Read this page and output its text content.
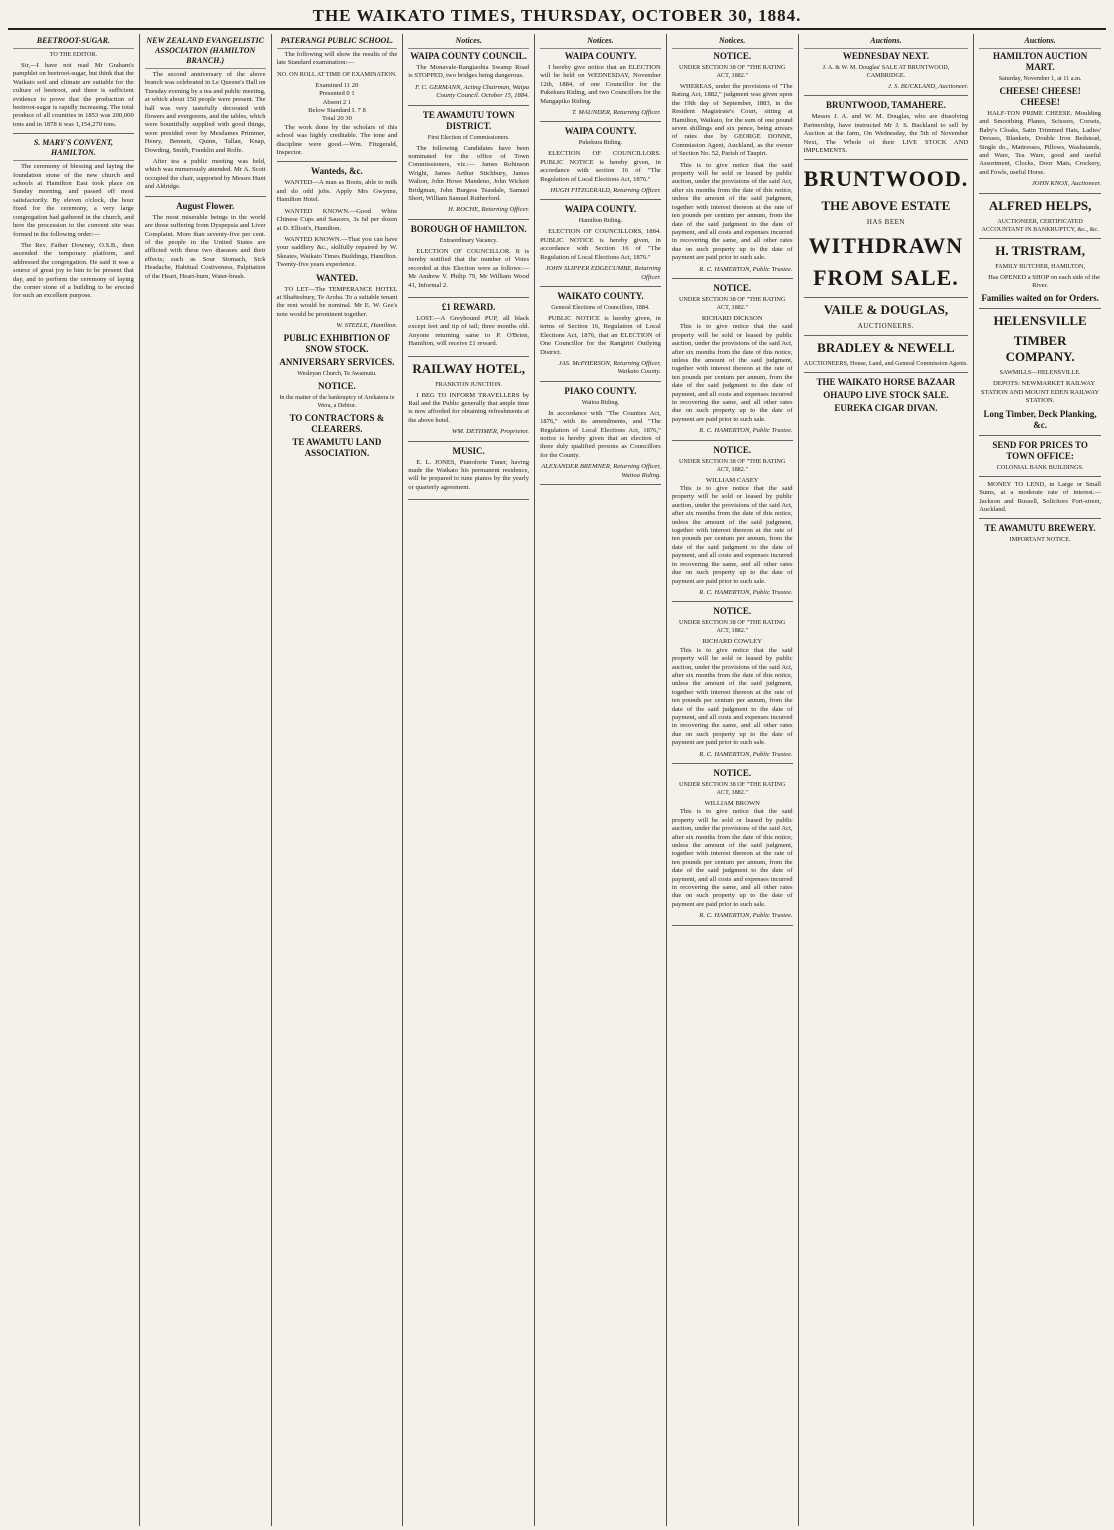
THE WAIKATO TIMES, THURSDAY, OCTOBER 30, 1884.
BEETROOT-SUGAR.
TO THE EDITOR.

Sir,—I have not read Mr Graham's pamphlet on beetroot-sugar, but think that the Waikato soil and climate are suitable for the culture of beetroot, and there is sufficient evidence to prove that the production of beetroot-sugar is rapidly increasing. The total produce of all countries in 1853 was 200,000 tons and in 1878 it was 1,154,270 tons.

S. MARY'S CONVENT, HAMILTON.

The ceremony of blessing and laying the foundation stone of the new church and schools at Hamilton East took place on Sunday morning, and passed off most satisfactorily. By eleven o'clock, the hour fixed for the ceremony, a very large congregation had gathered in the church, and here the procession to the convent site was formed in the following order:—

The Rev. Father Downey, O.S.B., then ascended the temporary platform, and addressed the congregation. He said it was a source of great joy to him to be present that day, and to perform the ceremony of laying the corner stone of a building to be erected for such an excellent purpose.

NEW ZEALAND EVANGELISTIC ASSOCIATION (HAMILTON BRANCH.)

The second anniversary of the above branch was celebrated in Le Quesne's Hall on Tuesday evening by a tea and public meeting, at which about 150 people were present. The hall was very tastefully decorated with flowers and evergreens, and the tables, which were bountifully supplied with good things, were presided over by Mesdames Primmer, Henry, Bennett, Quinn, Tallan, Knap, Dowding, Smith, Franklin and Rolfe.

After tea a public meeting was held, which was numerously attended. Mr A. Scott occupied the chair, supported by Messrs Hunt and Aldridge.

August Flower.

The most miserable beings in the world are those suffering from Dyspepsia and Liver Complaint. More than seventy-five per cent. of the people in the United States are afflicted with these two diseases and their effects; such as Sour Stomach, Sick Headache, Habitual Costiveness, Palpitation of the Heart, Heart-burn, Water-brash.

PATERANGI PUBLIC SCHOOL.

The following will show the results of the late Standard examination:—

NO. ON ROLL AT TIME OF EXAMINATION.
Examined 11 20
Presented 0 1
Absent 2 1
Below Standard I. 7 8
Total 20 30

The work done by the scholars of this school was highly creditable. The tone and discipline were good.—Wm. Fitzgerald, Inspector.

Wanteds, &c.

WANTED—A man as Boots, able to milk and do odd jobs. Apply Mrs Gwynne, Hamilton Hotel.

WANTED KNOWN.—Good White Chinese Cups and Saucers, 3s 6d per dozen at D. Elliott's, Hamilton.

WANTED KNOWN.—That you can have your saddlery &c., skilfully repaired by W. Skeates, Waikato Times Buildings, Hamilton. Twenty-five years experience.

WANTED.

TO LET—The TEMPERANCE HOTEL at Shaftesbury, Te Aroha. To a suitable tenant the rent would be nominal. Mr E. W. Gee's note would be prominent together.

W. STEELE, Hamilton.
PUBLIC EXHIBITION OF SNOW STOCK.
ANNIVERSARY SERVICES.
Wesleyan Church, Te Awamutu.
NOTICE.
In the matter of the bankruptcy of Arekatera te Wera, a Debtor.
TO CONTRACTORS & CLEARERS.
TE AWAMUTU LAND ASSOCIATION.
Notices.
WAIPA COUNTY COUNCIL.

The Monavale-Rangiaohia Swamp Road is STOPPED, two bridges being dangerous.

F. C. GERMANN, Acting Chairman, Waipa County Council. October 15, 1884.
TE AWAMUTU TOWN DISTRICT.
First Election of Commissioners.

The following Candidates have been nominated for the office of Town Commissioners, viz.:— James Robinson Wright, James Arthur Stichbury, James Walton, John Howe Mandeno, John Wickett Bridgman, John Burgess Teasdale, Samuel Short, William Samuel Rutherford.

H. ROCHE, Returning Officer.
BOROUGH OF HAMILTON.
Extraordinary Vacancy.

ELECTION OF COUNCILLOR. It is hereby notified that the number of Votes recorded at this Election were as follows:— Mr Andrew V. Philip 79, Mr William Wood 41, Informal 2.

£1 REWARD.

LOST.—A Greyhound PUP, all black except feet and tip of tail; three months old. Anyone returning same to P. O'Brien, Hamilton, will receive £1 reward.

RAILWAY HOTEL,
FRANKTON JUNCTION.

I BEG TO INFORM TRAVELLERS by Rail and the Public generally that ample time is now afforded for obtaining refreshments at the above hotel.

WM. DETHMER, Proprietor.
MUSIC.

E. L. JONES, Pianoforte Tuner, having made the Waikato his permanent residence, will be prepared to tune pianos by the yearly or quarterly agreement.

Notices.
WAIPA COUNTY.

I hereby give notice that an ELECTION will be held on WEDNESDAY, November 12th, 1884, of one Councillor for the Pukekura Riding, and two Councillors for the Mangapiko Riding.

T. MAUNDER, Returning Officer.
WAIPA COUNTY.
Pukekura Riding.

ELECTION OF COUNCILLORS. PUBLIC NOTICE is hereby given, in accordance with section 16 of "The Regulation of Local Elections Act, 1876."

HUGH FITZGERALD, Returning Officer.
WAIPA COUNTY.
Hamilton Riding.

ELECTION OF COUNCILLORS, 1884. PUBLIC NOTICE is hereby given, in accordance with Section 16 of "The Regulation of Local Elections Act, 1876."

JOHN SLIPPER EDGECUMBE, Returning Officer.
WAIKATO COUNTY.
General Elections of Councillors, 1884.

PUBLIC NOTICE is hereby given, in terms of Section 16, Regulation of Local Elections Act, 1876, that an ELECTION of One Councillor for the Rangiriri Outlying District.

JAS. McPHERSON, Returning Officer, Waikato County.
PIAKO COUNTY.
Waitoa Riding.

In accordance with "The Counties Act, 1876," with its amendments, and "The Regulation of Local Elections Act, 1876," notice is hereby given that an election of three duly qualified persons as Councillors for the County.

ALEXANDER BREMNER, Returning Officer, Waitoa Riding.
Notices.
NOTICE.
UNDER SECTION 38 OF "THE RATING ACT, 1882."

WHEREAS, under the provisions of "The Rating Act, 1882," judgment was given upon the 19th day of September, 1883, in the Resident Magistrate's Court, sitting at Hamilton, Waikato, for the sum of one pound seven shillings and six pence, being arrears of rates due by GEORGE DONNE, Commission Agent, Auckland, as the owner of Section No. 52, Parish of Taupiri.

This is to give notice that the said property will be sold or leased by public auction, under the provisions of the said Act, after six months from the date of this notice, unless the amount of the said judgment, together with interest thereon at the rate of ten pounds per centum per annum, from the date of the said judgment to the date of payment, and all costs and expenses incurred in recovering the same, and all other rates due on such property up to the date of payment are paid prior to such sale.

R. C. HAMERTON, Public Trustee.
NOTICE.
UNDER SECTION 38 OF "THE RATING ACT, 1882."
RICHARD DICKSON

This is to give notice that the said property will be sold or leased by public auction, under the provisions of the said Act, after six months from the date of this notice, unless the amount of the said judgment, together with interest thereon at the rate of ten pounds per centum per annum, from the date of the said judgment to the date of payment, and all costs and expenses incurred in recovering the same, and all other rates due on such property up to the date of payment are paid prior to such sale.

R. C. HAMERTON, Public Trustee.
NOTICE.
UNDER SECTION 38 OF "THE RATING ACT, 1882."
WILLIAM CASEY

This is to give notice that the said property will be sold or leased by public auction, under the provisions of the said Act, after six months from the date of this notice, unless the amount of the said judgment, together with interest thereon at the rate of ten pounds per centum per annum, from the date of the said judgment to the date of payment, and all costs and expenses incurred in recovering the same, and all other rates due on such property up to the date of payment are paid prior to such sale.

R. C. HAMERTON, Public Trustee.
NOTICE.
UNDER SECTION 38 OF "THE RATING ACT, 1882."
RICHARD COWLEY

This is to give notice that the said property will be sold or leased by public auction, under the provisions of the said Act, after six months from the date of this notice, unless the amount of the said judgment, together with interest thereon at the rate of ten pounds per centum per annum, from the date of the said judgment to the date of payment, and all costs and expenses incurred in recovering the same, and all other rates due on such property up to the date of payment are paid prior to such sale.

R. C. HAMERTON, Public Trustee.
NOTICE.
UNDER SECTION 38 OF "THE RATING ACT, 1882."
WILLIAM BROWN

This is to give notice that the said property will be sold or leased by public auction, under the provisions of the said Act, after six months from the date of this notice, unless the amount of the said judgment, together with interest thereon at the rate of ten pounds per centum per annum, from the date of the said judgment to the date of payment, and all costs and expenses incurred in recovering the same, and all other rates due on such property up to the date of payment are paid prior to such sale.

R. C. HAMERTON, Public Trustee.
Auctions.
WEDNESDAY NEXT.
J. A. & W. M. Douglas' SALE AT BRUNTWOOD, CAMBRIDGE.
J. S. BUCKLAND, Auctioneer.
BRUNTWOOD, TAMAHERE.

Messrs J. A. and W. M. Douglas, who are dissolving Partnership, have instructed Mr J. S. Buckland to sell by Auction at the farm, On Wednesday, the 5th of November Next, The Whole of their LIVE STOCK AND IMPLEMENTS.

BRUNTWOOD.
THE ABOVE ESTATE
HAS BEEN
WITHDRAWN
FROM SALE.
VAILE & DOUGLAS,
AUCTIONEERS.
BRADLEY & NEWELL
AUCTIONEERS, House, Land, and General Commission Agents.
THE WAIKATO HORSE BAZAAR
OHAUPO LIVE STOCK SALE.
EUREKA CIGAR DIVAN.
Auctions.
HAMILTON AUCTION MART.
Saturday, November 1, at 11 a.m.
CHEESE! CHEESE! CHEESE!

HALF-TON PRIME CHEESE. Moulding and Smoothing Planes, Scissors, Corsets, Baby's Cloaks, Satin Trimmed Hats, Ladies' Dresses, Blankets, Double Iron Bedstead, Single do., Mattresses, Pillows, Washstands, and Ware, Tea Ware, good and useful Assortment, Clocks, Door Mats, Crockery, and Fowls, useful Horse.

JOHN KNOX, Auctioneer.
ALFRED HELPS,
AUCTIONEER, CERTIFICATED ACCOUNTANT IN BANKRUPTCY, &c., &c.
H. TRISTRAM,
FAMILY BUTCHER, HAMILTON,

Has OPENED a SHOP on each side of the River.

Families waited on for Orders.
HELENSVILLE
TIMBER COMPANY.
SAWMILLS—HELENSVILLE.

DEPOTS: NEWMARKET RAILWAY STATION AND MOUNT EDEN RAILWAY STATION.

Long Timber, Deck Planking, &c.
SEND FOR PRICES TO TOWN OFFICE:
COLONIAL BANK BUILDINGS.

MONEY TO LEND, in Large or Small Sums, at a moderate rate of interest.—Jackson and Russell, Solicitors Fort-street, Auckland.

TE AWAMUTU BREWERY.
IMPORTANT NOTICE.
